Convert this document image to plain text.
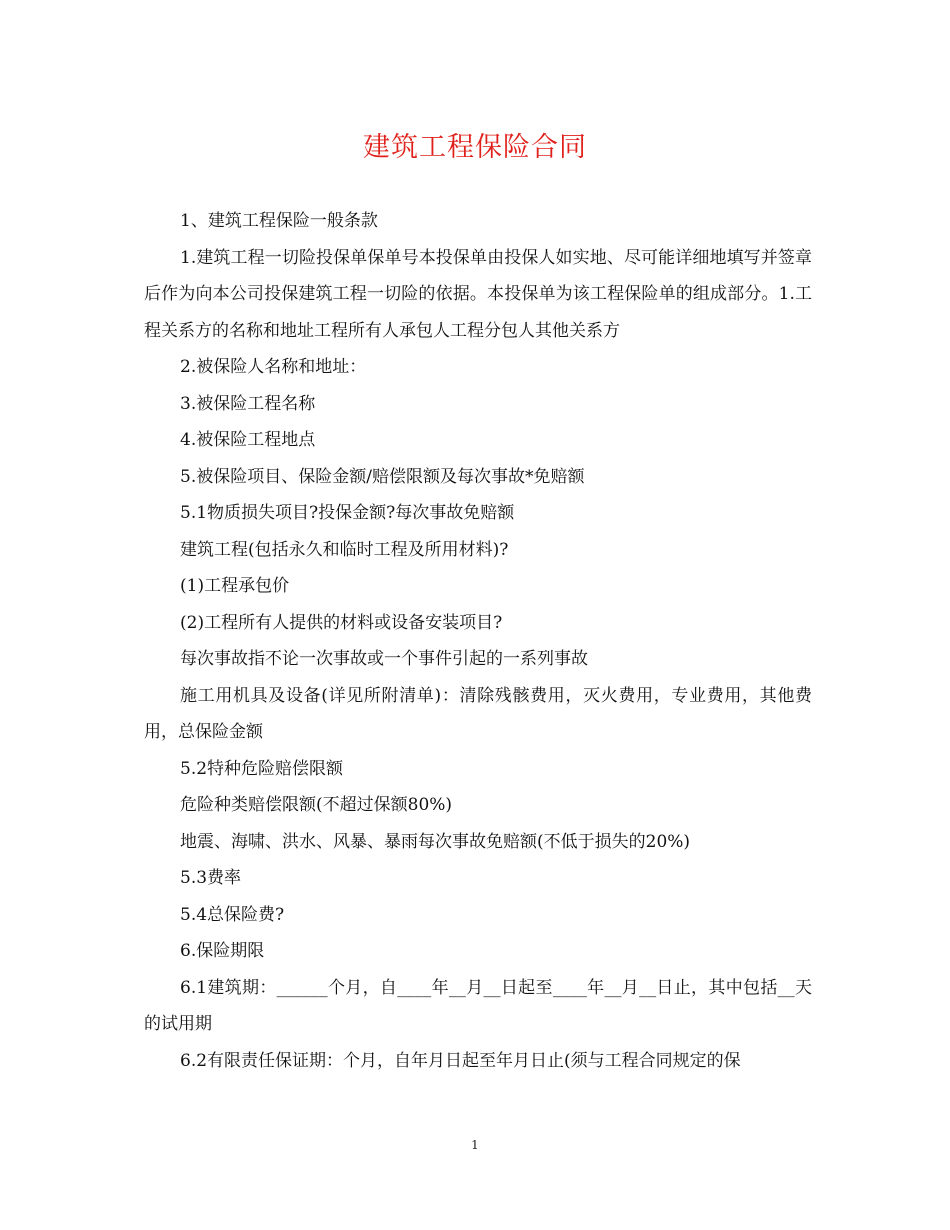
建筑工程保险合同

1、建筑工程保险一般条款

1.建筑工程一切险投保单保单号本投保单由投保人如实地、尽可能详细地填写并签章后作为向本公司投保建筑工程一切险的依据。本投保单为该工程保险单的组成部分。1.工程关系方的名称和地址工程所有人承包人工程分包人其他关系方

2.被保险人名称和地址：

3.被保险工程名称

4.被保险工程地点

5.被保险项目、保险金额/赔偿限额及每次事故*免赔额

5.1物质损失项目?投保金额?每次事故免赔额

建筑工程(包括永久和临时工程及所用材料)?

(1)工程承包价

(2)工程所有人提供的材料或设备安装项目?

每次事故指不论一次事故或一个事件引起的一系列事故

施工用机具及设备(详见所附清单)：清除残骸费用，灭火费用，专业费用，其他费用，总保险金额

5.2特种危险赔偿限额

危险种类赔偿限额(不超过保额80%)

地震、海啸、洪水、风暴、暴雨每次事故免赔额(不低于损失的20%)

5.3费率

5.4总保险费?

6.保险期限

6.1建筑期：______个月，自____年__月__日起至____年__月__日止，其中包括__天的试用期

6.2有限责任保证期：个月，自年月日起至年月日止(须与工程合同规定的保

1
